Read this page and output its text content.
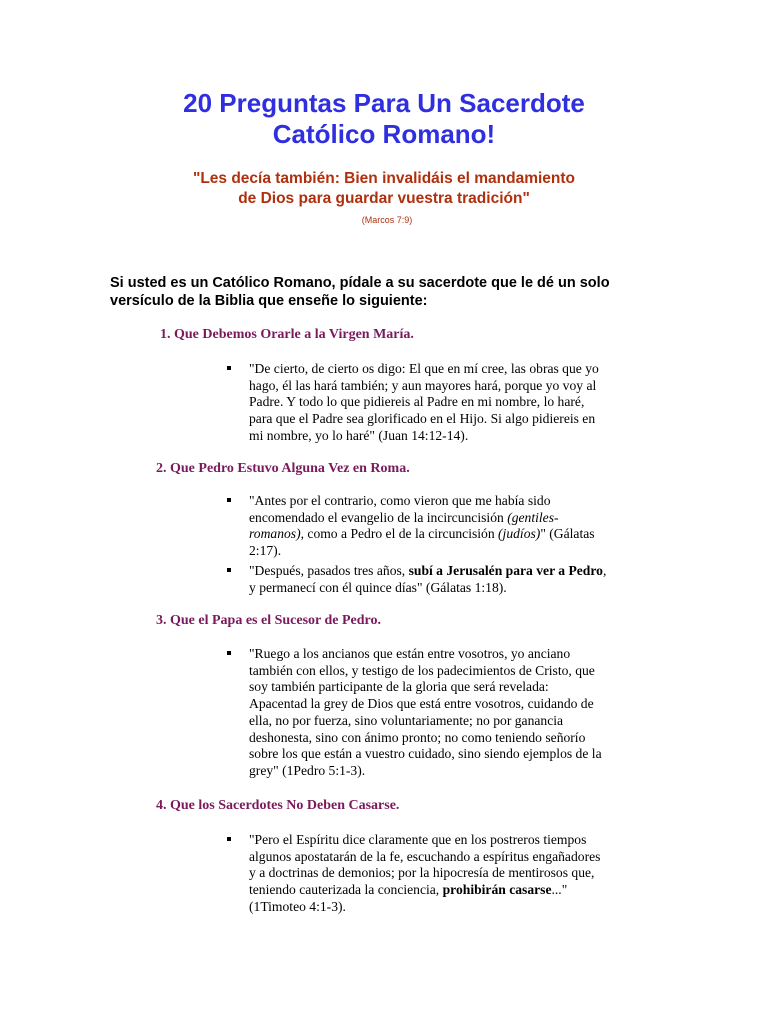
20 Preguntas Para Un Sacerdote
Católico Romano!
"Les decía también: Bien invalidáis el mandamiento
de Dios para guardar vuestra tradición"
(Marcos 7:9)

Si usted es un Católico Romano, pídale a su sacerdote que le dé un solo
versículo de la Biblia que enseñe lo siguiente:

1. Que Debemos Orarle a la Virgen María.
"De cierto, de cierto os digo: El que en mí cree, las obras que yo
hago, él las hará también; y aun mayores hará, porque yo voy al
Padre. Y todo lo que pidiereis al Padre en mi nombre, lo haré,
para que el Padre sea glorificado en el Hijo. Si algo pidiereis en
mi nombre, yo lo haré" (Juan 14:12-14).
2. Que Pedro Estuvo Alguna Vez en Roma.
"Antes por el contrario, como vieron que me había sido
encomendado el evangelio de la incircuncisión (gentiles-
romanos), como a Pedro el de la circuncisión (judíos)" (Gálatas
2:17).
"Después, pasados tres años, subí a Jerusalén para ver a Pedro,
y permanecí con él quince días" (Gálatas 1:18).
3. Que el Papa es el Sucesor de Pedro.
"Ruego a los ancianos que están entre vosotros, yo anciano
también con ellos, y testigo de los padecimientos de Cristo, que
soy también participante de la gloria que será revelada:
Apacentad la grey de Dios que está entre vosotros, cuidando de
ella, no por fuerza, sino voluntariamente; no por ganancia
deshonesta, sino con ánimo pronto; no como teniendo señorío
sobre los que están a vuestro cuidado, sino siendo ejemplos de la
grey" (1Pedro 5:1-3).
4. Que los Sacerdotes No Deben Casarse.
"Pero el Espíritu dice claramente que en los postreros tiempos
algunos apostatarán de la fe, escuchando a espíritus engañadores
y a doctrinas de demonios; por la hipocresía de mentirosos que,
teniendo cauterizada la conciencia, prohibirán casarse..."
(1Timoteo 4:1-3).
